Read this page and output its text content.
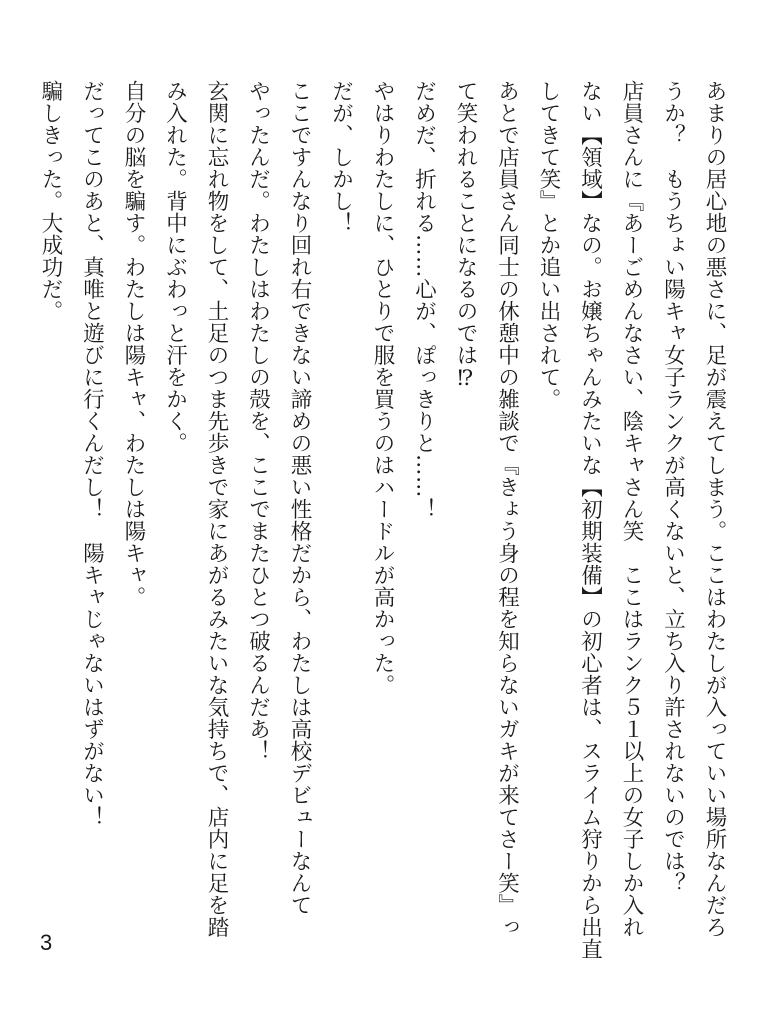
あまりの居心地の悪さに、足が震えてしまう。ここはわたしが入っていい場所なんだろ

うか？　もうちょい陽キャ女子ランクが高くないと、立ち入り許されないのでは？

店員さんに『あーごめんなさい、陰キャさん笑　ここはランク５１以上の女子しか入れ

ない【領域】なの。お嬢ちゃんみたいな【初期装備】の初心者は、スライム狩りから出直

してきて笑』とか追い出されて。

あとで店員さん同士の休憩中の雑談で『きょう身の程を知らないガキが来てさー笑』っ

て笑われることになるのでは⁉

だめだ、折れる……心が、ぽっきりと……！

やはりわたしに、ひとりで服を買うのはハードルが高かった。

だが、しかし！

ここですんなり回れ右できない諦めの悪い性格だから、わたしは高校デビューなんて

やったんだ。わたしはわたしの殻を、ここでまたひとつ破るんだあ！

玄関に忘れ物をして、土足のつま先歩きで家にあがるみたいな気持ちで、店内に足を踏

み入れた。背中にぶわっと汗をかく。

自分の脳を騙す。わたしは陽キャ、わたしは陽キャ。

だってこのあと、真唯と遊びに行くんだし！　陽キャじゃないはずがない！

騙しきった。大成功だ。

3
